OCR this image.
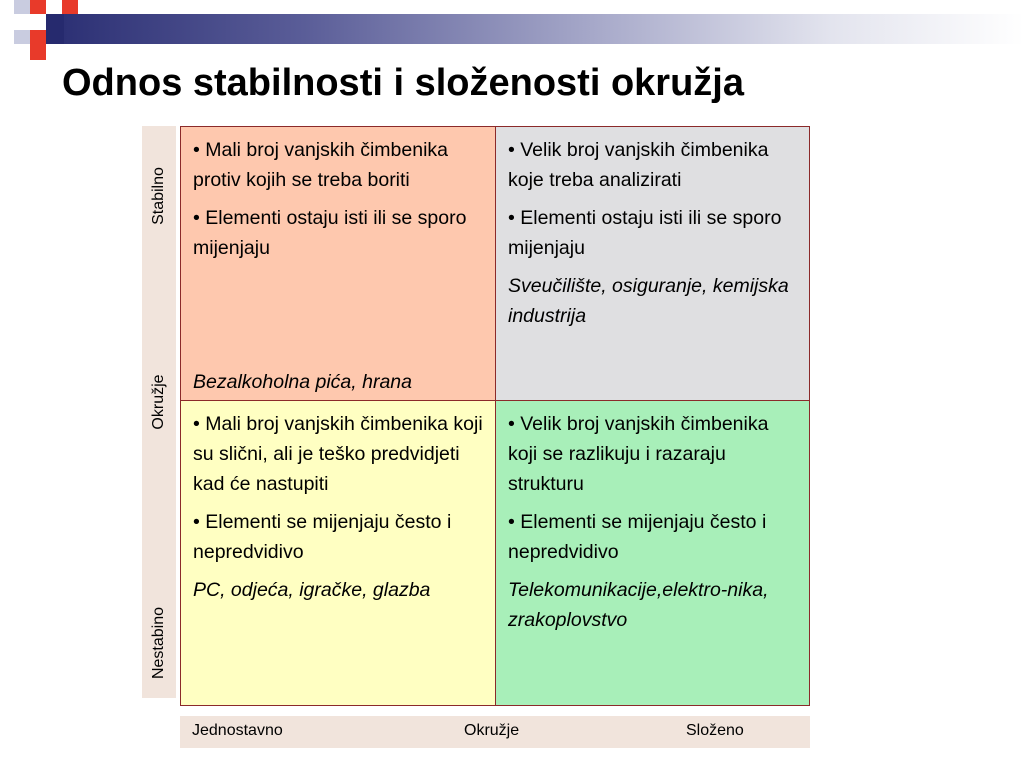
Odnos stabilnosti i složenosti okružja
Stabilno
Okružje
Nestabino

• Mali broj vanjskih čimbenika protiv kojih se treba boriti

• Elementi ostaju isti ili se sporo mijenjaju

Bezalkoholna pića, hrana

• Velik broj vanjskih čimbenika koje treba analizirati

• Elementi ostaju isti ili se sporo mijenjaju

Sveučilište, osiguranje, kemijska industrija

• Mali broj vanjskih čimbenika koji su slični, ali je teško predvidjeti kad će nastupiti

• Elementi se mijenjaju često i nepredvidivo

PC, odjeća, igračke, glazba

• Velik broj vanjskih čimbenika koji se razlikuju i razaraju strukturu

• Elementi se mijenjaju često i nepredvidivo

Telekomunikacije,elektro-nika, zrakoplovstvo

Jednostavno	Okružje	Složeno
